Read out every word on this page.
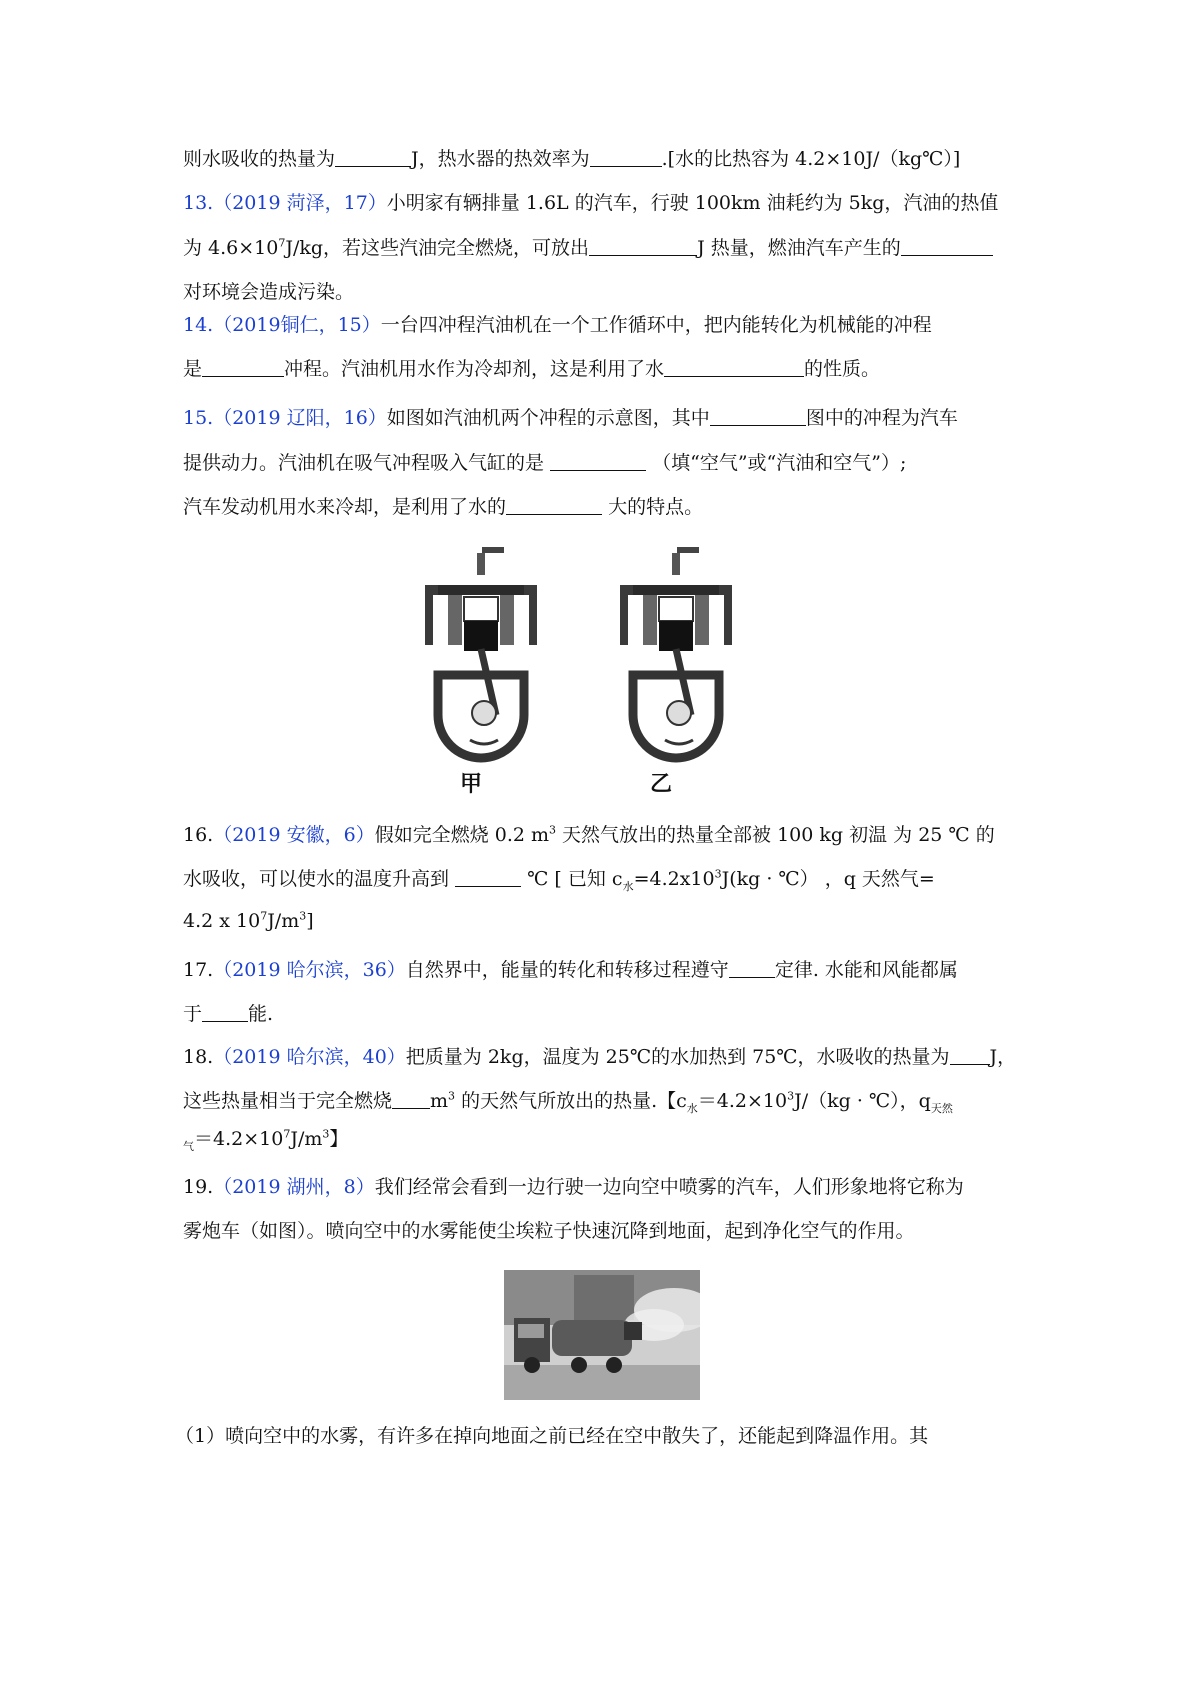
则水吸收的热量为	J，热水器的热效率为	.[水的比热容为 4.2×10J/（kg℃）]
13.（2019 菏泽，17）小明家有辆排量 1.6L 的汽车，行驶 100km 油耗约为 5kg，汽油的热值
为 $4.6\times 10^7J/kg$，若这些汽油完全燃烧，可放出	J 热量，燃油汽车产生的
对环境会造成污染。
14.（2019铜仁，15）一台四冲程汽油机在一个工作循环中，把内能转化为机械能的冲程
是	冲程。汽油机用水作为冷却剂，这是利用了水	的性质。
15.（2019 辽阳，16）如图如汽油机两个冲程的示意图，其中	图中的冲程为汽车
提供动力。汽油机在吸气冲程吸入气缸的是	（填“空气”或“汽油和空气”）;
汽车发动机用水来冷却，是利用了水的	大的特点。
甲	乙
16.（2019 安徽，6）假如完全燃烧 0.2 $m^3$ 天然气放出的热量全部被 100 kg 初温 为 25 ℃ 的
水吸收，可以使水的温度升高到	℃ [ 已知 $c_水=4.2x10^3J(kg$ · ℃） ，q 天然气=
4.2 x $10^7J/m^3$]
17.（2019 哈尔滨，36）自然界中，能量的转化和转移过程遵守 定律. 水能和风能都属
于 能.
18.（2019 哈尔滨，40）把质量为 2kg，温度为 25℃的水加热到 75℃，水吸收的热量为 J，
这些热量相当于完全燃烧 $m^3$ 的天然气所放出的热量.【$c_水=4.2\times 10^3J/(kg$ · ℃），$q_{天然}$
$_气=4.2\times 10^7J/m^3$】
19.（2019 湖州，8）我们经常会看到一边行驶一边向空中喷雾的汽车，人们形象地将它称为
雾炮车（如图）。喷向空中的水雾能使尘埃粒子快速沉降到地面，起到净化空气的作用。
（1）喷向空中的水雾，有许多在掉向地面之前已经在空中散失了，还能起到降温作用。其
